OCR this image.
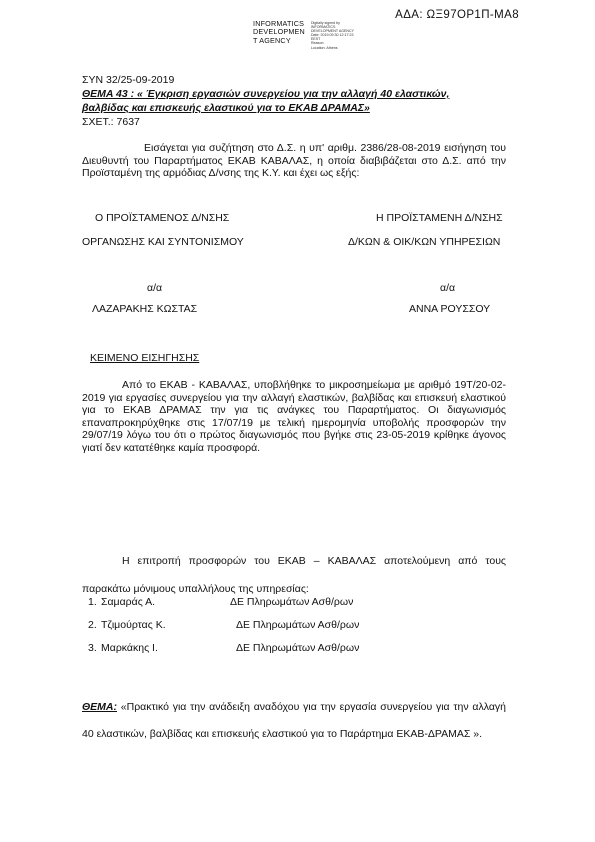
ΑΔΑ: ΩΞ97ΟΡ1Π-ΜΑ8
INFORMATICS
DEVELOPMEN
T AGENCY
Digitally signed by
INFORMATICS
DEVELOPMENT AGENCY
Date: 2019.09.30 12:17:23
EEST
Reason:
Location: Athens
ΣΥΝ 32/25-09-2019
ΘΕΜΑ 43 : « Έγκριση εργασιών συνεργείου για την αλλαγή 40 ελαστικών,
βαλβίδας και επισκευής ελαστικού για το ΕΚΑΒ ΔΡΑΜΑΣ»
ΣΧΕΤ.: 7637
Εισάγεται για συζήτηση στο Δ.Σ. η υπ' αριθμ. 2386/28-08-2019 εισήγηση του Διευθυντή του Παραρτήματος ΕΚΑΒ ΚΑΒΑΛΑΣ, η οποία διαβιβάζεται στο Δ.Σ. από την Προϊσταμένη της αρμόδιας Δ/νσης της Κ.Υ. και έχει ως εξής:
Ο ΠΡΟΪΣΤΑΜΕΝΟΣ Δ/ΝΣΗΣ
ΟΡΓΑΝΩΣΗΣ ΚΑΙ ΣΥΝΤΟΝΙΣΜΟΥ
α/α
ΛΑΖΑΡΑΚΗΣ ΚΩΣΤΑΣ
Η ΠΡΟΪΣΤΑΜΕΝΗ Δ/ΝΣΗΣ
Δ/ΚΩΝ & ΟΙΚ/ΚΩΝ ΥΠΗΡΕΣΙΩΝ
α/α
ΑΝΝΑ ΡΟΥΣΣΟΥ
ΚΕΙΜΕΝΟ ΕΙΣΗΓΗΣΗΣ
Από το ΕΚΑΒ - ΚΑΒΑΛΑΣ, υποβλήθηκε το μικροσημείωμα με αριθμό 19Τ/20-02-2019 για εργασίες συνεργείου για την αλλαγή ελαστικών, βαλβίδας και επισκευή ελαστικού για το ΕΚΑΒ ΔΡΑΜΑΣ την για τις ανάγκες του Παραρτήματος. Οι διαγωνισμός επαναπροκηρύχθηκε στις 17/07/19 με τελική ημερομηνία υποβολής προσφορών την 29/07/19 λόγω του ότι ο πρώτος διαγωνισμός που βγήκε στις 23-05-2019 κρίθηκε άγονος γιατί δεν κατατέθηκε καμία προσφορά.
Η επιτροπή προσφορών του ΕΚΑΒ – ΚΑΒΑΛΑΣ αποτελούμενη από τους παρακάτω μόνιμους υπαλλήλους της υπηρεσίας:
1. Σαμαράς Α.	ΔΕ Πληρωμάτων Ασθ/ρων
2. Τζιμούρτας Κ.	ΔΕ Πληρωμάτων Ασθ/ρων
3. Μαρκάκης Ι.	ΔΕ Πληρωμάτων Ασθ/ρων
ΘΕΜΑ: «Πρακτικό για την ανάδειξη αναδόχου για την εργασία συνεργείου για την αλλαγή 40 ελαστικών, βαλβίδας και επισκευής ελαστικού για το Παράρτημα ΕΚΑΒ-ΔΡΑΜΑΣ ».
